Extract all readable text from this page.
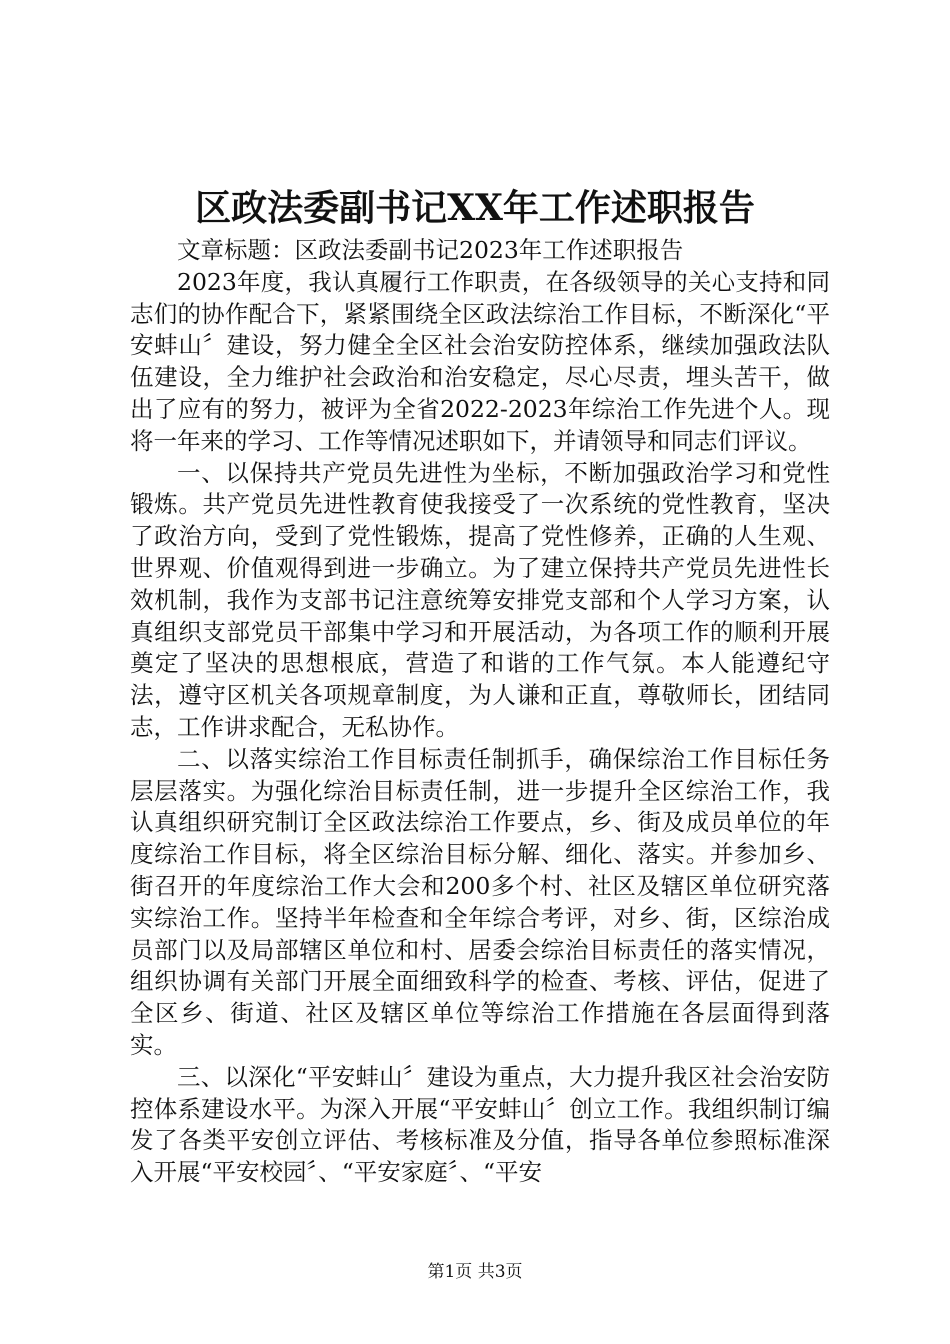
区政法委副书记XX年工作述职报告

文章标题：区政法委副书记2023年工作述职报告

2023年度，我认真履行工作职责，在各级领导的关心支持和同志们的协作配合下，紧紧围绕全区政法综治工作目标，不断深化“平安蚌山〞建设，努力健全全区社会治安防控体系，继续加强政法队伍建设，全力维护社会政治和治安稳定，尽心尽责，埋头苦干，做出了应有的努力，被评为全省2022-2023年综治工作先进个人。现将一年来的学习、工作等情况述职如下，并请领导和同志们评议。

一、以保持共产党员先进性为坐标，不断加强政治学习和党性锻炼。共产党员先进性教育使我接受了一次系统的党性教育，坚决了政治方向，受到了党性锻炼，提高了党性修养，正确的人生观、世界观、价值观得到进一步确立。为了建立保持共产党员先进性长效机制，我作为支部书记注意统筹安排党支部和个人学习方案，认真组织支部党员干部集中学习和开展活动，为各项工作的顺利开展奠定了坚决的思想根底，营造了和谐的工作气氛。本人能遵纪守法，遵守区机关各项规章制度，为人谦和正直，尊敬师长，团结同志，工作讲求配合，无私协作。

二、以落实综治工作目标责任制抓手，确保综治工作目标任务层层落实。为强化综治目标责任制，进一步提升全区综治工作，我认真组织研究制订全区政法综治工作要点，乡、街及成员单位的年度综治工作目标，将全区综治目标分解、细化、落实。并参加乡、街召开的年度综治工作大会和200多个村、社区及辖区单位研究落实综治工作。坚持半年检查和全年综合考评，对乡、街，区综治成员部门以及局部辖区单位和村、居委会综治目标责任的落实情况，组织协调有关部门开展全面细致科学的检查、考核、评估，促进了全区乡、街道、社区及辖区单位等综治工作措施在各层面得到落实。

三、以深化“平安蚌山〞建设为重点，大力提升我区社会治安防控体系建设水平。为深入开展“平安蚌山〞创立工作。我组织制订编发了各类平安创立评估、考核标准及分值，指导各单位参照标准深入开展“平安校园〞、“平安家庭〞、“平安

第1页 共3页
